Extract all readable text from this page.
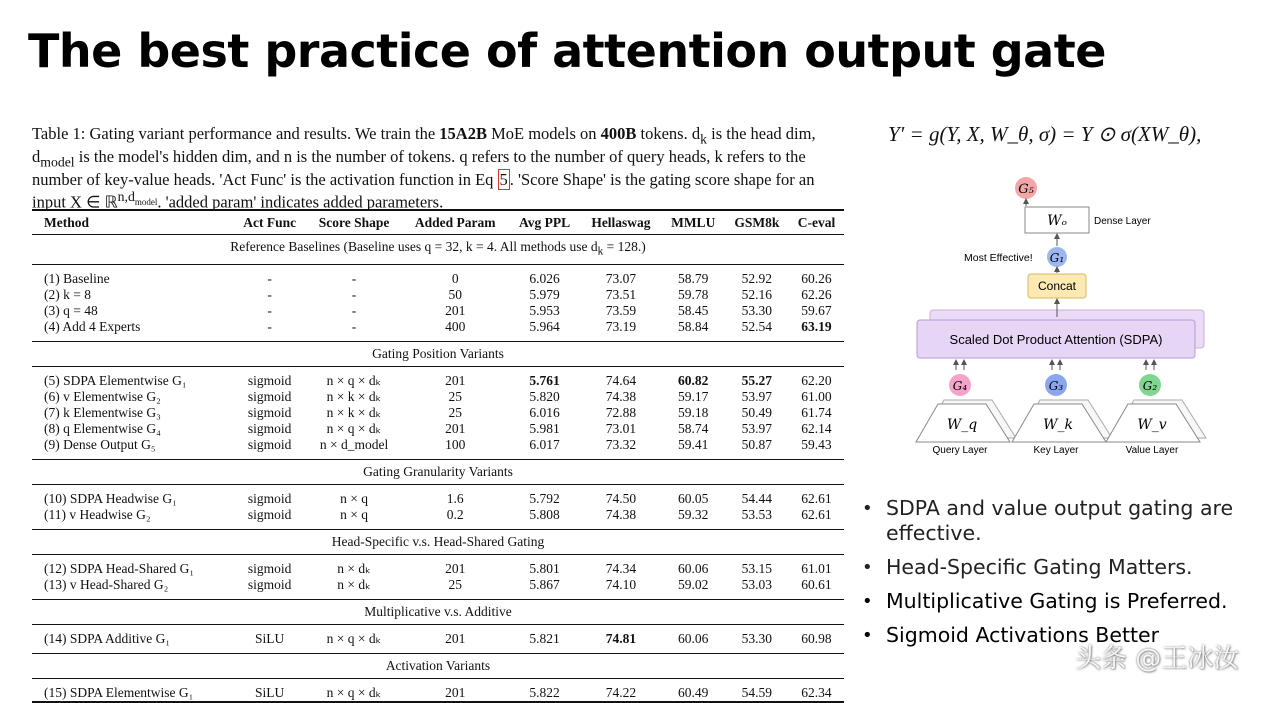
The best practice of attention output gate
Table 1: Gating variant performance and results. We train the 15A2B MoE models on 400B tokens. $d_k$ is the head dim, $d_{model}$ is the model's hidden dim, and n is the number of tokens. q refers to the number of query heads, k refers to the number of key-value heads. 'Act Func' is the activation function in Eq 5 . 'Score Shape' is the gating score shape for an input X ∈ ℝ$^{n,d_{model}}$. 'added param' indicates added parameters.
Method	Act Func	Score Shape	Added Param	Avg PPL	Hellaswag	MMLU	GSM8k	C-eval
Reference Baselines (Baseline uses q = 32, k = 4. All methods use $d_k = 128$.)								
(1) Baseline	-	-	0	6.026	73.07	58.79	52.92	60.26
(2) k = 8	-	-	50	5.979	73.51	59.78	52.16	62.26
(3) q = 48	-	-	201	5.953	73.59	58.45	53.30	59.67
(4) Add 4 Experts	-	-	400	5.964	73.19	58.84	52.54	63.19
Gating Position Variants								
(5) SDPA Elementwise G₁	sigmoid	n × q × dₖ	201	5.761	74.64	60.82	55.27	62.20
(6) v Elementwise G₂	sigmoid	n × k × dₖ	25	5.820	74.38	59.17	53.97	61.00
(7) k Elementwise G₃	sigmoid	n × k × dₖ	25	6.016	72.88	59.18	50.49	61.74
(8) q Elementwise G₄	sigmoid	n × q × dₖ	201	5.981	73.01	58.74	53.97	62.14
(9) Dense Output G₅	sigmoid	n × d_model	100	6.017	73.32	59.41	50.87	59.43
Gating Granularity Variants								
(10) SDPA Headwise G₁	sigmoid	n × q	1.6	5.792	74.50	60.05	54.44	62.61
(11) v Headwise G₂	sigmoid	n × q	0.2	5.808	74.38	59.32	53.53	62.61
Head-Specific v.s. Head-Shared Gating								
(12) SDPA Head-Shared G₁	sigmoid	n × dₖ	201	5.801	74.34	60.06	53.15	61.01
(13) v Head-Shared G₂	sigmoid	n × dₖ	25	5.867	74.10	59.02	53.03	60.61
Multiplicative v.s. Additive								
(14) SDPA Additive G₁	SiLU	n × q × dₖ	201	5.821	74.81	60.06	53.30	60.98
Activation Variants								
(15) SDPA Elementwise G₁	SiLU	n × q × dₖ	201	5.822	74.22	60.49	54.59	62.34
Y′ = g(Y, X, W_θ, σ) = Y ⊙ σ(XW_θ),
G₅
Wₒ	Dense Layer
G₁
Most Effective!
Concat
Scaled Dot Product Attention (SDPA)
G₄	G₃	G₂
W_q	W_k	W_v
Query Layer	Key Layer	Value Layer
• SDPA and value output gating are effective.
• Head-Specific Gating Matters.
• Multiplicative Gating is Preferred.
• Sigmoid Activations Better
头条 @王冰汝
